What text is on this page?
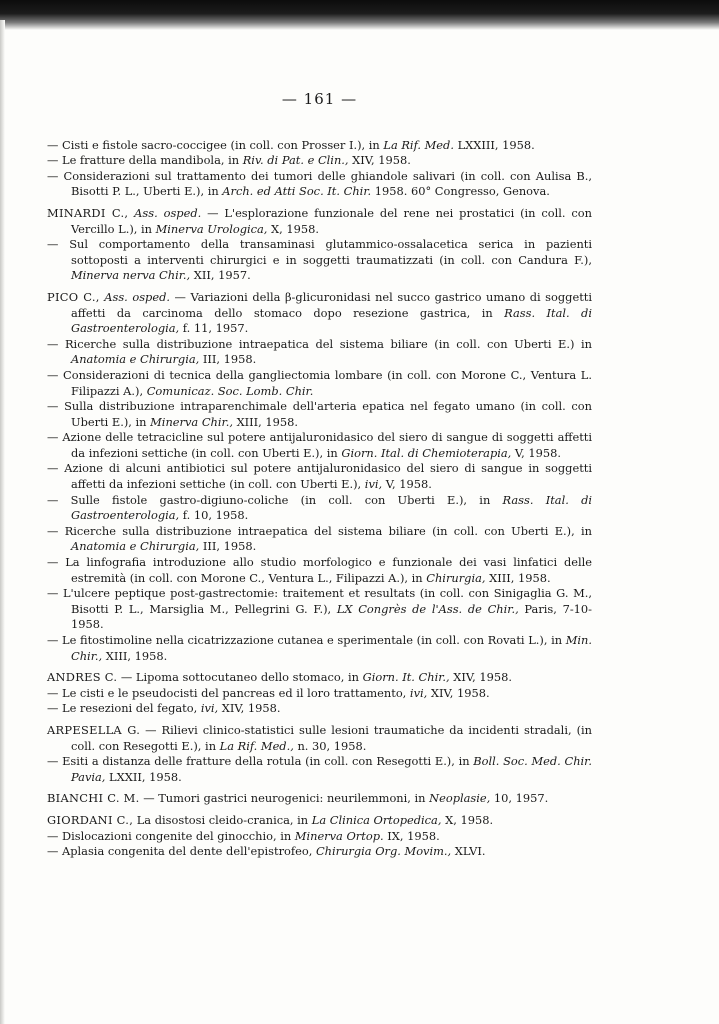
— 161 —
— Cisti e fistole sacro-coccigee (in coll. con Prosser I.), in La Rif. Med. LXXIII, 1958.
— Le fratture della mandibola, in Riv. di Pat. e Clin., XIV, 1958.
— Considerazioni sul trattamento dei tumori delle ghiandole salivari (in coll. con Aulisa B., Bisotti P. L., Uberti E.), in Arch. ed Atti Soc. It. Chir. 1958. 60° Congresso, Genova.
MINARDI C., Ass. osped. — L'esplorazione funzionale del rene nei prostatici (in coll. con Vercillo L.), in Minerva Urologica, X, 1958.
— Sul comportamento della transaminasi glutammico-ossalacetica serica in pazienti sottoposti a interventi chirurgici e in soggetti traumatizzati (in coll. con Candura F.), Minerva nerva Chir., XII, 1957.
PICO C., Ass. osped. — Variazioni della β-glicuronidasi nel succo gastrico umano di soggetti affetti da carcinoma dello stomaco dopo resezione gastrica, in Rass. Ital. di Gastroenterologia, f. 11, 1957.
— Ricerche sulla distribuzione intraepatica del sistema biliare (in coll. con Uberti E.) in Anatomia e Chirurgia, III, 1958.
— Considerazioni di tecnica della gangliectomia lombare (in coll. con Morone C., Ventura L. Filipazzi A.), Comunicaz. Soc. Lomb. Chir.
— Sulla distribuzione intraparenchimale dell'arteria epatica nel fegato umano (in coll. con Uberti E.), in Minerva Chir., XIII, 1958.
— Azione delle tetracicline sul potere antijaluronidasico del siero di sangue di soggetti affetti da infezioni settiche (in coll. con Uberti E.), in Giorn. Ital. di Chemioterapia, V, 1958.
— Azione di alcuni antibiotici sul potere antijaluronidasico del siero di sangue in soggetti affetti da infezioni settiche (in coll. con Uberti E.), ivi, V, 1958.
— Sulle fistole gastro-digiuno-coliche (in coll. con Uberti E.), in Rass. Ital. di Gastroenterologia, f. 10, 1958.
— Ricerche sulla distribuzione intraepatica del sistema biliare (in coll. con Uberti E.), in Anatomia e Chirurgia, III, 1958.
— La linfografia introduzione allo studio morfologico e funzionale dei vasi linfatici delle estremità (in coll. con Morone C., Ventura L., Filipazzi A.), in Chirurgia, XIII, 1958.
— L'ulcere peptique post-gastrectomie: traitement et resultats (in coll. con Sinigaglia G. M., Bisotti P. L., Marsiglia M., Pellegrini G. F.), LX Congrès de l'Ass. de Chir., Paris, 7-10-1958.
— Le fitostimoline nella cicatrizzazione cutanea e sperimentale (in coll. con Rovati L.), in Min. Chir., XIII, 1958.
ANDRES C. — Lipoma sottocutaneo dello stomaco, in Giorn. It. Chir., XIV, 1958.
— Le cisti e le pseudocisti del pancreas ed il loro trattamento, ivi, XIV, 1958.
— Le resezioni del fegato, ivi, XIV, 1958.
ARPESELLA G. — Rilievi clinico-statistici sulle lesioni traumatiche da incidenti stradali, (in coll. con Resegotti E.), in La Rif. Med., n. 30, 1958.
— Esiti a distanza delle fratture della rotula (in coll. con Resegotti E.), in Boll. Soc. Med. Chir. Pavia, LXXII, 1958.
BIANCHI C. M. — Tumori gastrici neurogenici: neurilemmoni, in Neoplasie, 10, 1957.
GIORDANI C., La disostosi cleido-cranica, in La Clinica Ortopedica, X, 1958.
— Dislocazioni congenite del ginocchio, in Minerva Ortop. IX, 1958.
— Aplasia congenita del dente dell'epistrofeo, Chirurgia Org. Movim., XLVI.
